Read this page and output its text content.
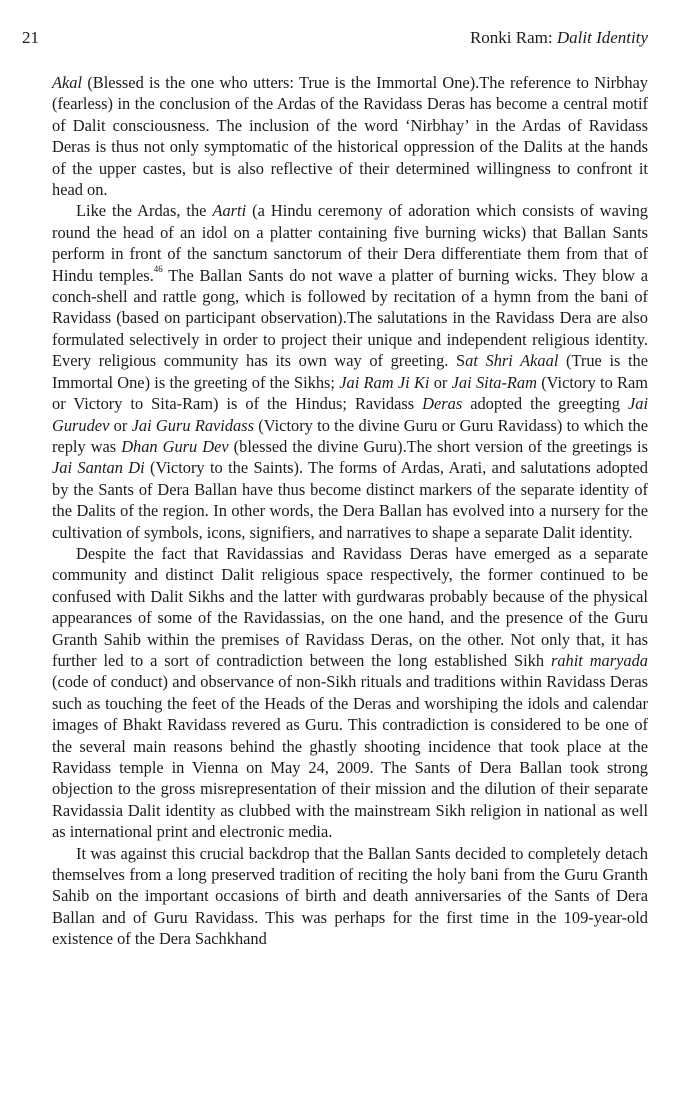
21	Ronki Ram: Dalit Identity

Akal (Blessed is the one who utters: True is the Immortal One).The reference to Nirbhay (fearless) in the conclusion of the Ardas of the Ravidass Deras has become a central motif of Dalit consciousness. The inclusion of the word ‘Nirbhay’ in the Ardas of Ravidass Deras is thus not only symptomatic of the historical oppression of the Dalits at the hands of the upper castes, but is also reflective of their determined willingness to confront it head on.

Like the Ardas, the Aarti (a Hindu ceremony of adoration which consists of waving round the head of an idol on a platter containing five burning wicks) that Ballan Sants perform in front of the sanctum sanctorum of their Dera differentiate them from that of Hindu temples.$^{46}$ The Ballan Sants do not wave a platter of burning wicks. They blow a conch-shell and rattle gong, which is followed by recitation of a hymn from the bani of Ravidass (based on participant observation).The salutations in the Ravidass Dera are also formulated selectively in order to project their unique and independent religious identity. Every religious community has its own way of greeting. Sat Shri Akaal (True is the Immortal One) is the greeting of the Sikhs; Jai Ram Ji Ki or Jai Sita-Ram (Victory to Ram or Victory to Sita-Ram) is of the Hindus; Ravidass Deras adopted the greegting Jai Gurudev or Jai Guru Ravidass (Victory to the divine Guru or Guru Ravidass) to which the reply was Dhan Guru Dev (blessed the divine Guru).The short version of the greetings is Jai Santan Di (Victory to the Saints). The forms of Ardas, Arati, and salutations adopted by the Sants of Dera Ballan have thus become distinct markers of the separate identity of the Dalits of the region. In other words, the Dera Ballan has evolved into a nursery for the cultivation of symbols, icons, signifiers, and narratives to shape a separate Dalit identity.

Despite the fact that Ravidassias and Ravidass Deras have emerged as a separate community and distinct Dalit religious space respectively, the former continued to be confused with Dalit Sikhs and the latter with gurdwaras probably because of the physical appearances of some of the Ravidassias, on the one hand, and the presence of the Guru Granth Sahib within the premises of Ravidass Deras, on the other. Not only that, it has further led to a sort of contradiction between the long established Sikh rahit maryada (code of conduct) and observance of non-Sikh rituals and traditions within Ravidass Deras such as touching the feet of the Heads of the Deras and worshiping the idols and calendar images of Bhakt Ravidass revered as Guru. This contradiction is considered to be one of the several main reasons behind the ghastly shooting incidence that took place at the Ravidass temple in Vienna on May 24, 2009. The Sants of Dera Ballan took strong objection to the gross misrepresentation of their mission and the dilution of their separate Ravidassia Dalit identity as clubbed with the mainstream Sikh religion in national as well as international print and electronic media.

It was against this crucial backdrop that the Ballan Sants decided to completely detach themselves from a long preserved tradition of reciting the holy bani from the Guru Granth Sahib on the important occasions of birth and death anniversaries of the Sants of Dera Ballan and of Guru Ravidass. This was perhaps for the first time in the 109-year-old existence of the Dera Sachkhand
